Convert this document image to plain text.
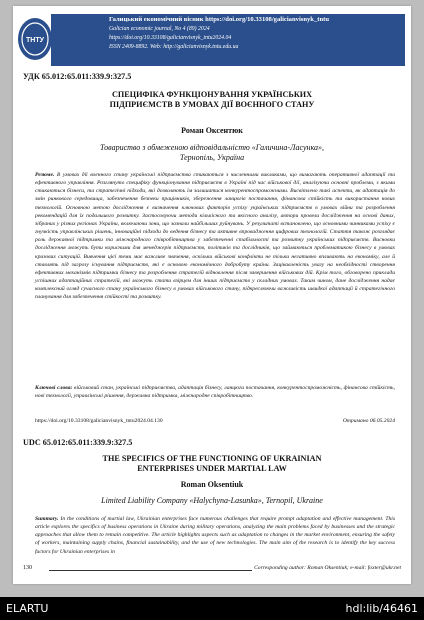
Галицький економічний вісник https://doi.org/10.33108/galicianvisnyk_tntu
Galician economic journal, No 4 (89) 2024
https://doi.org/10.33108/galicianvisnyk_tntu2024.04
ISSN 2409-8892. Web: http://galicianvisnyk.tntu.edu.ua
ТНТУ
УДК 65.012:65.011:339.9:327.5
СПЕЦИФІКА ФУНКЦІОНУВАННЯ УКРАЇНСЬКИХ
ПІДПРИЄМСТВ В УМОВАХ ДІЇ ВОЄННОГО СТАНУ
Роман Оксентюк
Товариство з обмеженою відповідальністю «Галичина-Ласунка»,
Тернопіль, Україна

Резюме. В умовах дії воєнного стану українські підприємства стикаються з численними викликами, що вимагають оперативної адаптації та ефективного управління. Розглянуто специфіку функціонування підприємств в Україні під час військової дії, аналізуючи основні проблеми, з якими стикаються бізнеси, та стратегічні підходи, які дозволяють їм залишатися конкурентоспроможними. Висвітлено такі аспекти, як адаптація до змін ринкового середовища, забезпечення безпеки працівників, збереження ланцюгів постачання, фінансова стійкість та використання нових технологій. Основною метою дослідження є визначення ключових факторів успіху українських підприємств в умовах війни та розроблення рекомендацій для їх подальшого розвитку. Застосовуючи методи кількісного та якісного аналізу, автори провели дослідження на основі даних, зібраних у різних регіонах України, включаючи зони, що зазнали найбільших руйнувань. У результаті встановлено, що основними чинниками успіху є гнучкість управлінських рішень, інноваційні підходи до ведення бізнесу та активне впровадження цифрових технологій. Стаття також розглядає роль державної підтримки та міжнародного співробітництва у забезпеченні стабільності та розвитку українських підприємств. Висновки дослідження можуть бути корисними для менеджерів підприємств, політиків та дослідників, що займаються проблематикою бізнесу в умовах кризових ситуацій. Вивчення цієї теми має важливе значення, оскільки військові конфлікти не тільки негативно впливають на економіку, але й ставлять під загрозу існування підприємств, які є основою економічного добробуту країни. Зацікавленість увагу на необхідності створення ефективних механізмів підтримки бізнесу та розроблення стратегій відновлення після завершення військових дій. Крім того, обговорено приклади успішних адаптаційних стратегій, які можуть стати взірцем для інших підприємств у складних умовах. Таким чином, дане дослідження надає комплексний огляд сучасного стану українського бізнесу в умовах військового стану, підкреслюючи важливість швидкої адаптації й стратегічного планування для забезпечення стійкості та розвитку.

Ключові слова: військовий стан, українські підприємства, адаптація бізнесу, ланцюги постачання, конкурентоспроможність, фінансова стійкість, нові технології, управлінські рішення, державна підтримка, міжнародне співробітництво.

https://doi.org/10.33108/galicianvisnyk_tntu2024.04.130	Отримано 06.05.2024
UDC 65.012:65.011:339.9:327.5
THE SPECIFICS OF THE FUNCTIONING OF UKRAINIAN
ENTERPRISES UNDER MARTIAL LAW
Roman Oksentiuk
Limited Liability Company «Halychyna-Lasunka», Ternopil, Ukraine

Summary. In the conditions of martial law, Ukrainian enterprises face numerous challenges that require prompt adaptation and effective management. This article explores the specifics of business operations in Ukraine during military operations, analyzing the main problems faced by businesses and the strategic approaches that allow them to remain competitive. The article highlights aspects such as adaptation to changes in the market environment, ensuring the safety of workers, maintaining supply chains, financial sustainability, and the use of new technologies. The main aim of the research is to identify the key success factors for Ukrainian enterprises in

130	Corresponding author: Roman Oksentiuk; e-mail: foxter@ukr.net
ELARTU	hdl:lib/46461
